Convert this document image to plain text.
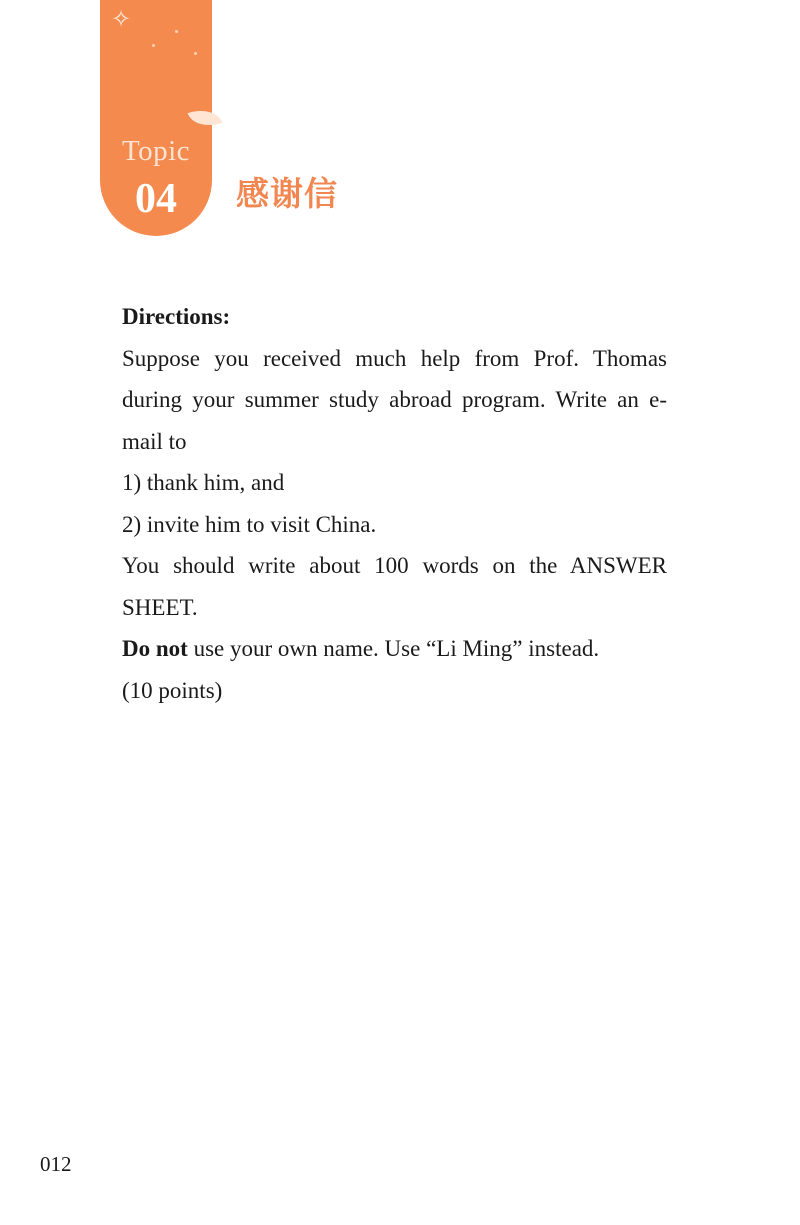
✧
Topic
04	感谢信

Directions:

Suppose you received much help from Prof. Thomas during your summer study abroad program. Write an e-mail to

1) thank him, and

2) invite him to visit China.

You should write about 100 words on the ANSWER SHEET.

Do not use your own name. Use “Li Ming” instead.

(10 points)

012
